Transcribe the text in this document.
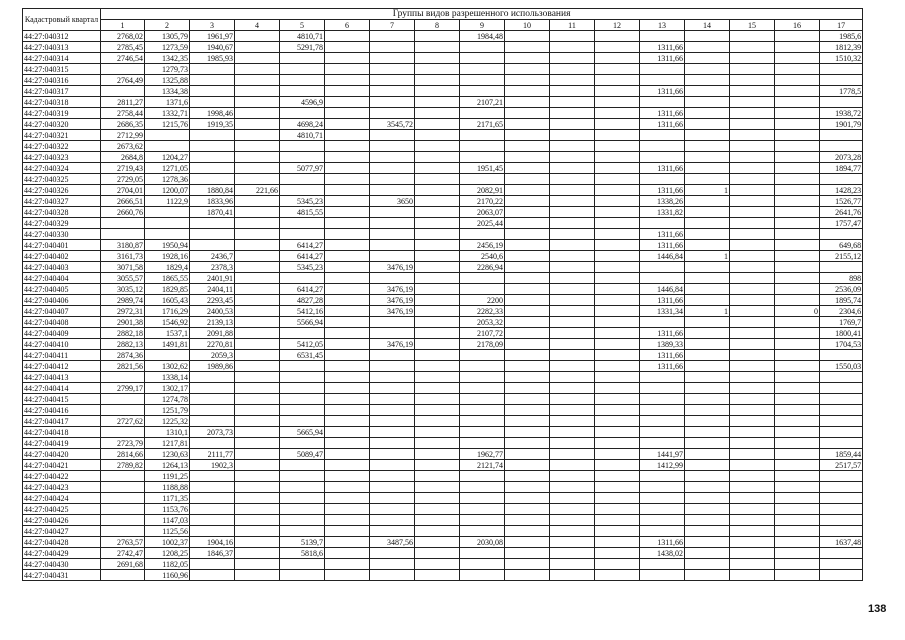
Кадастровый квартал	Группы видов разрешенного использования																
	1	2	3	4	5	6	7	8	9	10	11	12	13	14	15	16	17
44:27:040312	2768,02	1305,79	1961,97		4810,71				1984,48								1985,6
44:27:040313	2785,45	1273,59	1940,67		5291,78								1311,66				1812,39
44:27:040314	2746,54	1342,35	1985,93										1311,66				1510,32
44:27:040315		1279,73															
44:27:040316	2764,49	1325,88															
44:27:040317		1334,38											1311,66				1778,5
44:27:040318	2811,27	1371,6			4596,9				2107,21								
44:27:040319	2758,44	1332,71	1998,46										1311,66				1938,72
44:27:040320	2686,35	1215,76	1919,35		4698,24		3545,72		2171,65				1311,66				1901,79
44:27:040321	2712,99				4810,71												
44:27:040322	2673,62																
44:27:040323	2684,8	1204,27															2073,28
44:27:040324	2719,43	1271,05			5077,97				1951,45				1311,66				1894,77
44:27:040325	2729,05	1278,36															
44:27:040326	2704,01	1200,07	1880,84	221,66					2082,91				1311,66	1			1428,23
44:27:040327	2666,51	1122,9	1833,96		5345,23		3650		2170,22				1338,26				1526,77
44:27:040328	2660,76		1870,41		4815,55				2063,07				1331,82				2641,76
44:27:040329									2025,44								1757,47
44:27:040330													1311,66				
44:27:040401	3180,87	1950,94			6414,27				2456,19				1311,66				649,68
44:27:040402	3161,73	1928,16	2436,7		6414,27				2540,6				1446,84	1			2155,12
44:27:040403	3071,58	1829,4	2378,3		5345,23		3476,19		2286,94								
44:27:040404	3055,57	1865,55	2401,91														898
44:27:040405	3035,12	1829,85	2404,11		6414,27		3476,19						1446,84				2536,09
44:27:040406	2989,74	1605,43	2293,45		4827,28		3476,19		2200				1311,66				1895,74
44:27:040407	2972,31	1716,29	2400,53		5412,16		3476,19		2282,33				1331,34	1		0	2304,6
44:27:040408	2901,38	1546,92	2139,13		5566,94				2053,32								1769,7
44:27:040409	2882,18	1537,1	2091,88						2107,72				1311,66				1800,41
44:27:040410	2882,13	1491,81	2270,81		5412,05		3476,19		2178,09				1389,33				1704,53
44:27:040411	2874,36		2059,3		6531,45								1311,66				
44:27:040412	2821,56	1302,62	1989,86										1311,66				1550,03
44:27:040413		1338,14															
44:27:040414	2799,17	1302,17															
44:27:040415		1274,78															
44:27:040416		1251,79															
44:27:040417	2727,62	1225,32															
44:27:040418		1310,1	2073,73		5665,94												
44:27:040419	2723,79	1217,81															
44:27:040420	2814,66	1230,63	2111,77		5089,47				1962,77				1441,97				1859,44
44:27:040421	2789,82	1264,13	1902,3						2121,74				1412,99				2517,57
44:27:040422		1191,25															
44:27:040423		1188,88															
44:27:040424		1171,35															
44:27:040425		1153,76															
44:27:040426		1147,03															
44:27:040427		1125,56															
44:27:040428	2763,57	1002,37	1904,16		5139,7		3487,56		2030,08				1311,66				1637,48
44:27:040429	2742,47	1208,25	1846,37		5818,6								1438,02				
44:27:040430	2691,68	1182,05															
44:27:040431		1160,96															
138
